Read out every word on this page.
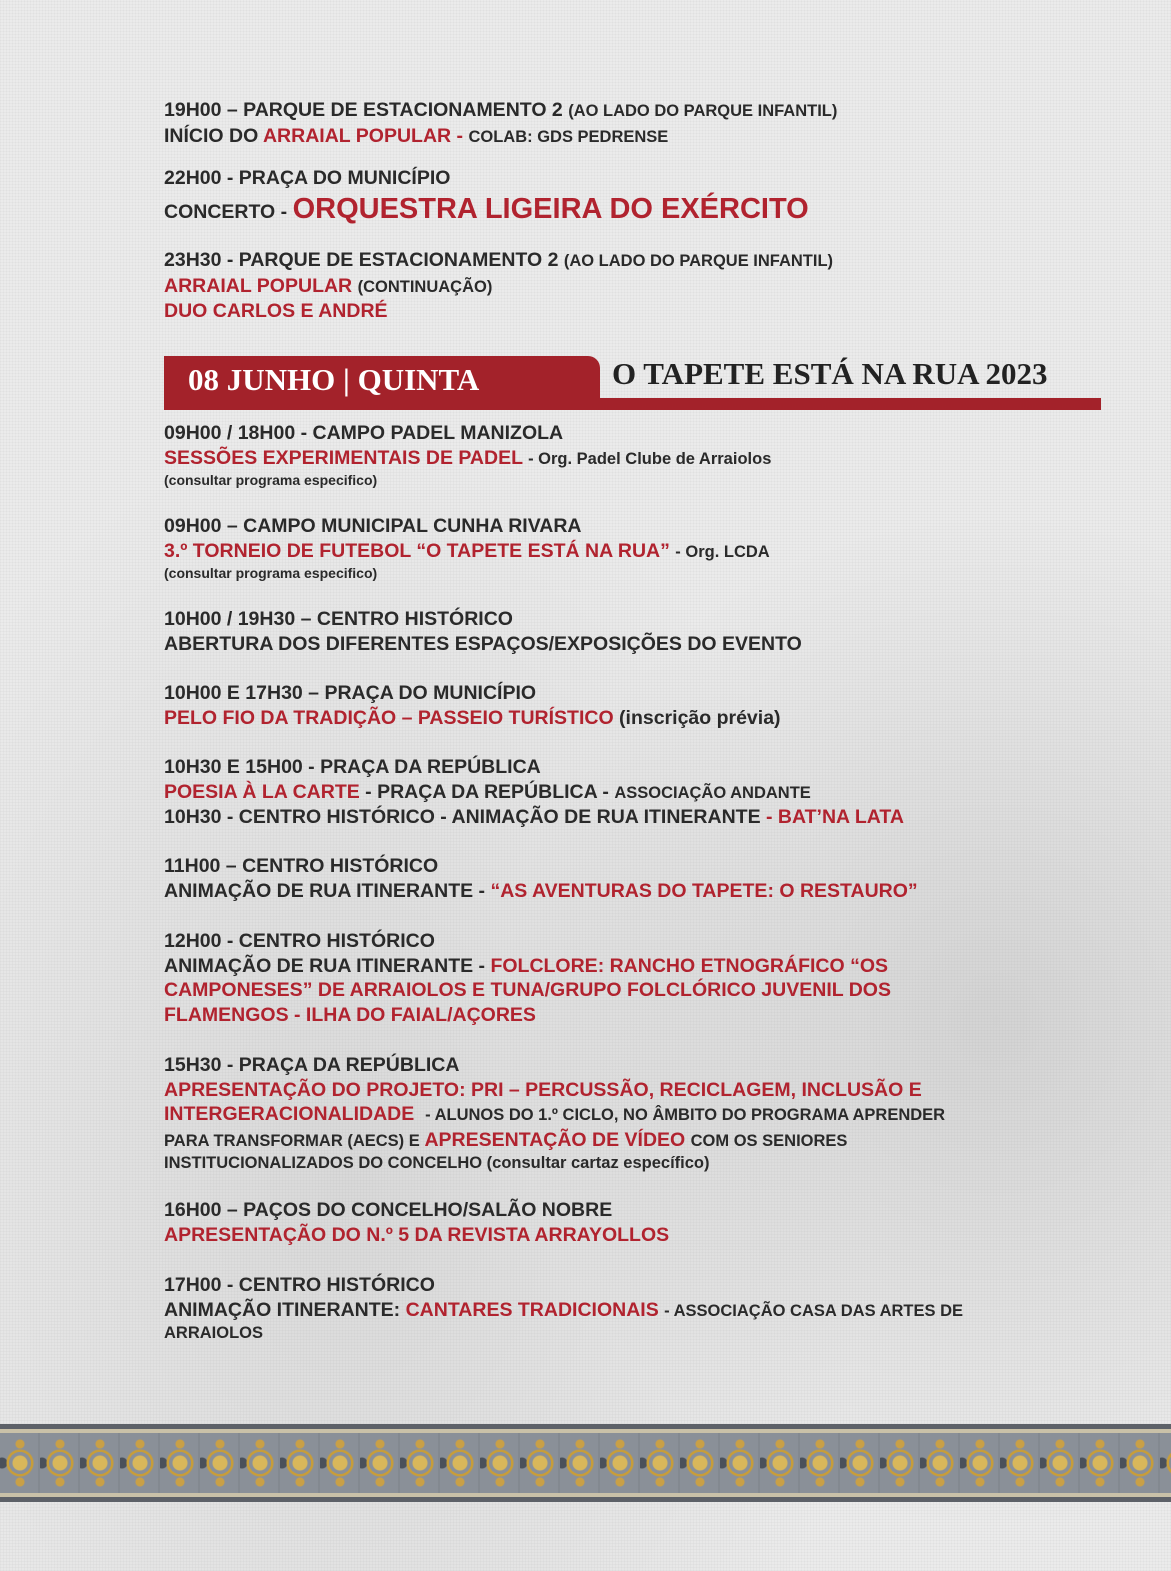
19H00 – PARQUE DE ESTACIONAMENTO 2 (AO LADO DO PARQUE INFANTIL)
INÍCIO DO ARRAIAL POPULAR - COLAB: GDS PEDRENSE
22H00 - PRAÇA DO MUNICÍPIO
CONCERTO - ORQUESTRA LIGEIRA DO EXÉRCITO
23H30 - PARQUE DE ESTACIONAMENTO 2 (AO LADO DO PARQUE INFANTIL)
ARRAIAL POPULAR (CONTINUAÇÃO)
DUO CARLOS E ANDRÉ
09H00 / 18H00 - CAMPO PADEL MANIZOLA
SESSÕES EXPERIMENTAIS DE PADEL - Org. Padel Clube de Arraiolos
(consultar programa especifico)
09H00 – CAMPO MUNICIPAL CUNHA RIVARA
3.º TORNEIO DE FUTEBOL “O TAPETE ESTÁ NA RUA” - Org. LCDA
(consultar programa especifico)
10H00 / 19H30 – CENTRO HISTÓRICO
ABERTURA DOS DIFERENTES ESPAÇOS/EXPOSIÇÕES DO EVENTO
10H00 E 17H30 – PRAÇA DO MUNICÍPIO
PELO FIO DA TRADIÇÃO – PASSEIO TURÍSTICO (inscrição prévia)
10H30 E 15H00 - PRAÇA DA REPÚBLICA
POESIA À LA CARTE - PRAÇA DA REPÚBLICA - ASSOCIAÇÃO ANDANTE
10H30 - CENTRO HISTÓRICO - ANIMAÇÃO DE RUA ITINERANTE - BAT’NA LATA
11H00 – CENTRO HISTÓRICO
ANIMAÇÃO DE RUA ITINERANTE - “AS AVENTURAS DO TAPETE: O RESTAURO”
12H00 - CENTRO HISTÓRICO
ANIMAÇÃO DE RUA ITINERANTE - FOLCLORE: RANCHO ETNOGRÁFICO “OS
CAMPONESES” DE ARRAIOLOS E TUNA/GRUPO FOLCLÓRICO JUVENIL DOS
FLAMENGOS - ILHA DO FAIAL/AÇORES
15H30 - PRAÇA DA REPÚBLICA
APRESENTAÇÃO DO PROJETO: PRI – PERCUSSÃO, RECICLAGEM, INCLUSÃO E
INTERGERACIONALIDADE - ALUNOS DO 1.º CICLO, NO ÂMBITO DO PROGRAMA APRENDER
PARA TRANSFORMAR (AECS) E APRESENTAÇÃO DE VÍDEO COM OS SENIORES
INSTITUCIONALIZADOS DO CONCELHO (consultar cartaz específico)
16H00 – PAÇOS DO CONCELHO/SALÃO NOBRE
APRESENTAÇÃO DO N.º 5 DA REVISTA ARRAYOLLOS
17H00 - CENTRO HISTÓRICO
ANIMAÇÃO ITINERANTE: CANTARES TRADICIONAIS - ASSOCIAÇÃO CASA DAS ARTES DE
ARRAIOLOS
08 JUNHO | QUINTA	O TAPETE ESTÁ NA RUA 2023
